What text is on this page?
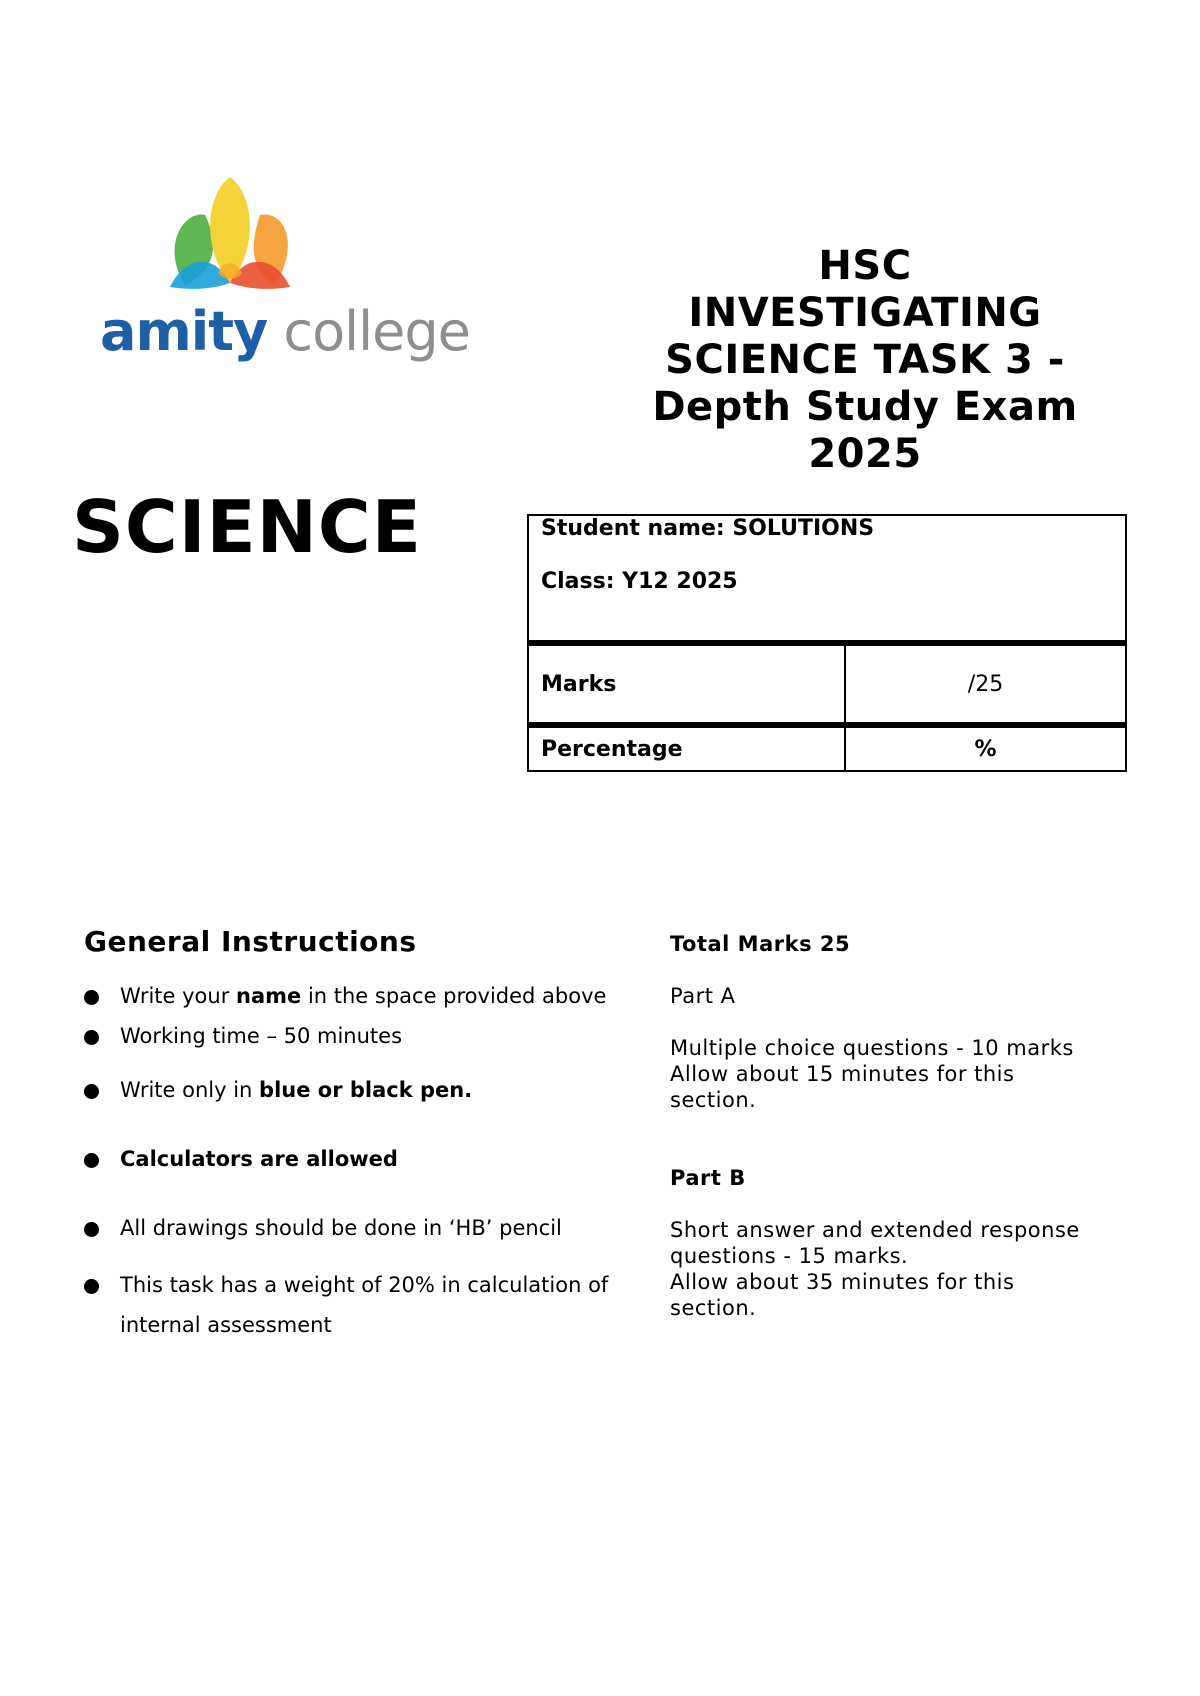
amity college
SCIENCE
HSC
INVESTIGATING
SCIENCE TASK 3 -
Depth Study Exam
2025
Student name: SOLUTIONS
Class: Y12 2025
Marks	/25
Percentage	%
General Instructions
Write your name in the space provided above
Working time – 50 minutes
Write only in blue or black pen.
Calculators are allowed
All drawings should be done in ‘HB’ pencil
This task has a weight of 20% in calculation of
internal assessment
Total Marks 25
Part A
Multiple choice questions - 10 marks
Allow about 15 minutes for this
section.
Part B
Short answer and extended response
questions - 15 marks.
Allow about 35 minutes for this
section.
